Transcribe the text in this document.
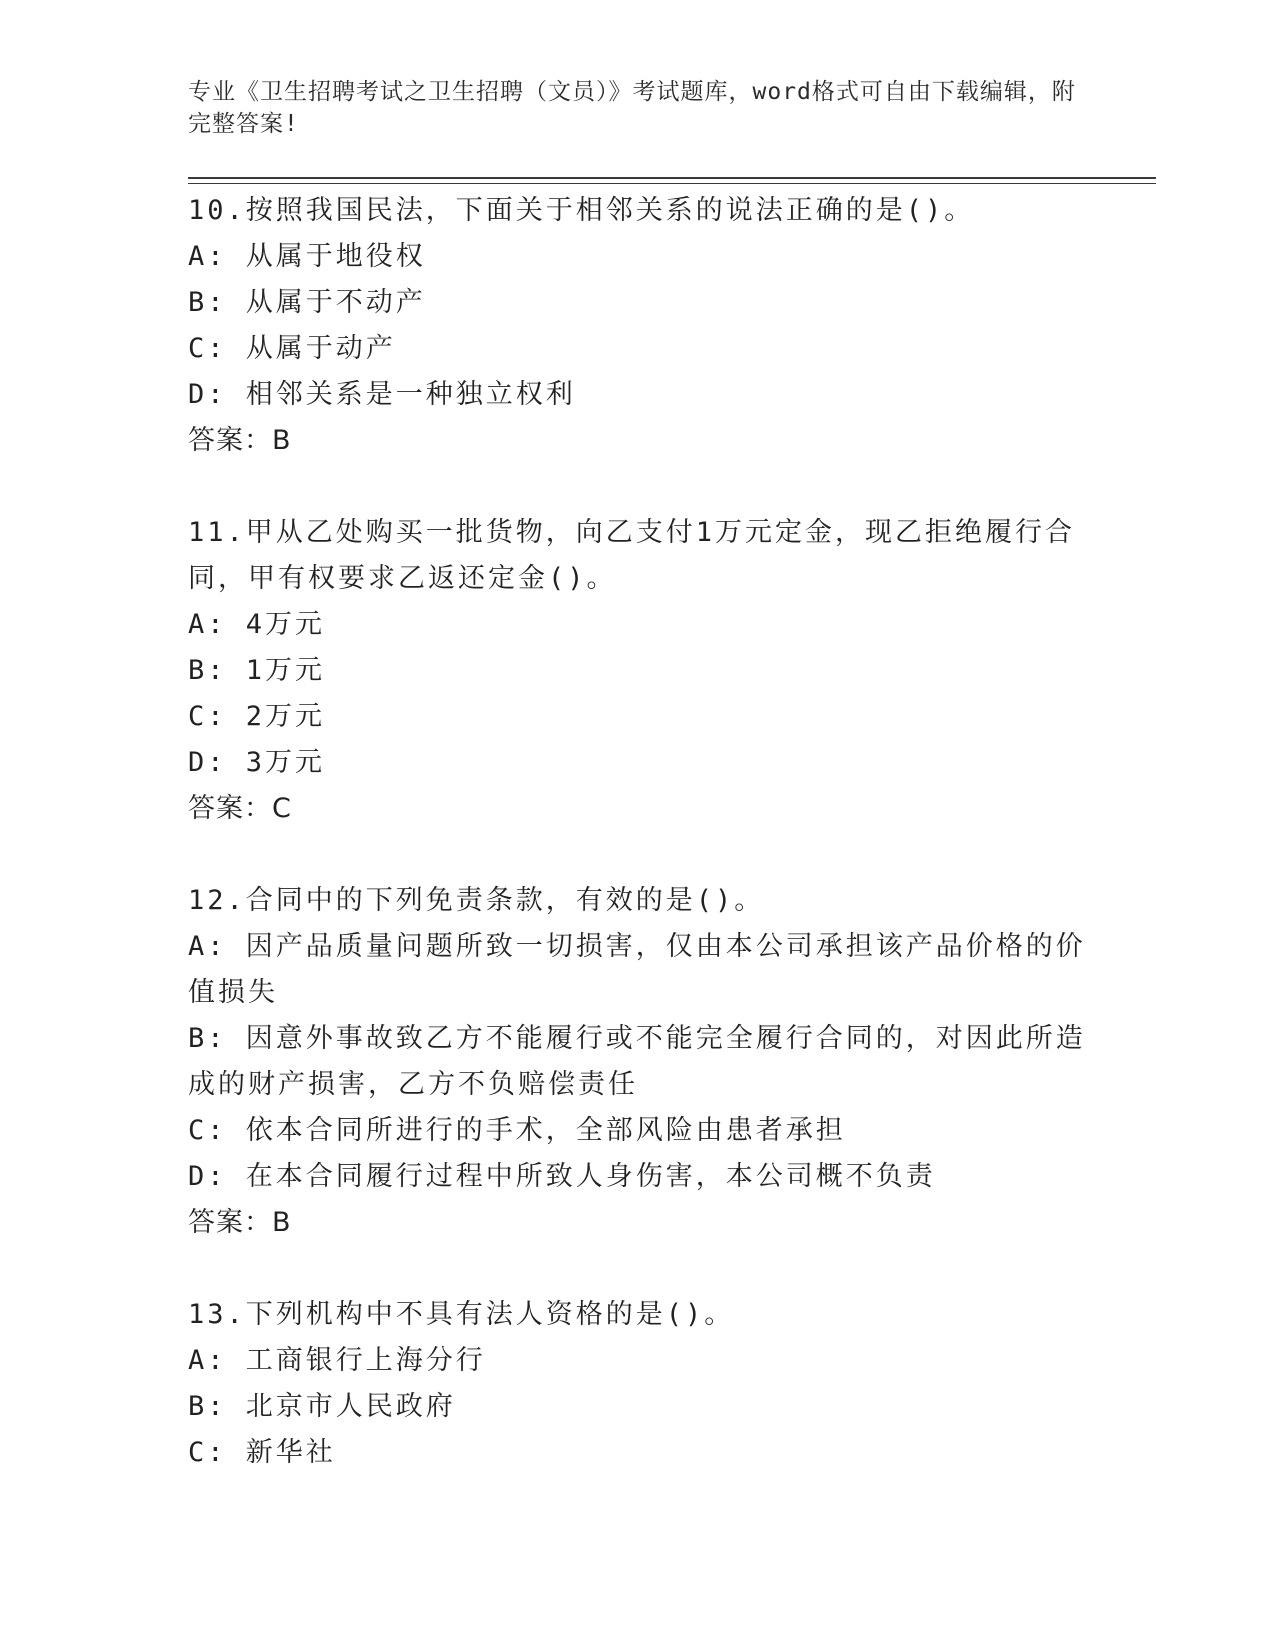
专业《卫生招聘考试之卫生招聘（文员）》考试题库，word格式可自由下载编辑，附完整答案!
10.按照我国民法，下面关于相邻关系的说法正确的是()。
A: 从属于地役权
B: 从属于不动产
C: 从属于动产
D: 相邻关系是一种独立权利
答案：B
11.甲从乙处购买一批货物，向乙支付1万元定金，现乙拒绝履行合同，甲有权要求乙返还定金()。
A: 4万元
B: 1万元
C: 2万元
D: 3万元
答案：C
12.合同中的下列免责条款，有效的是()。
A: 因产品质量问题所致一切损害，仅由本公司承担该产品价格的价值损失
B: 因意外事故致乙方不能履行或不能完全履行合同的，对因此所造成的财产损害，乙方不负赔偿责任
C: 依本合同所进行的手术，全部风险由患者承担
D: 在本合同履行过程中所致人身伤害，本公司概不负责
答案：B
13.下列机构中不具有法人资格的是()。
A: 工商银行上海分行
B: 北京市人民政府
C: 新华社
